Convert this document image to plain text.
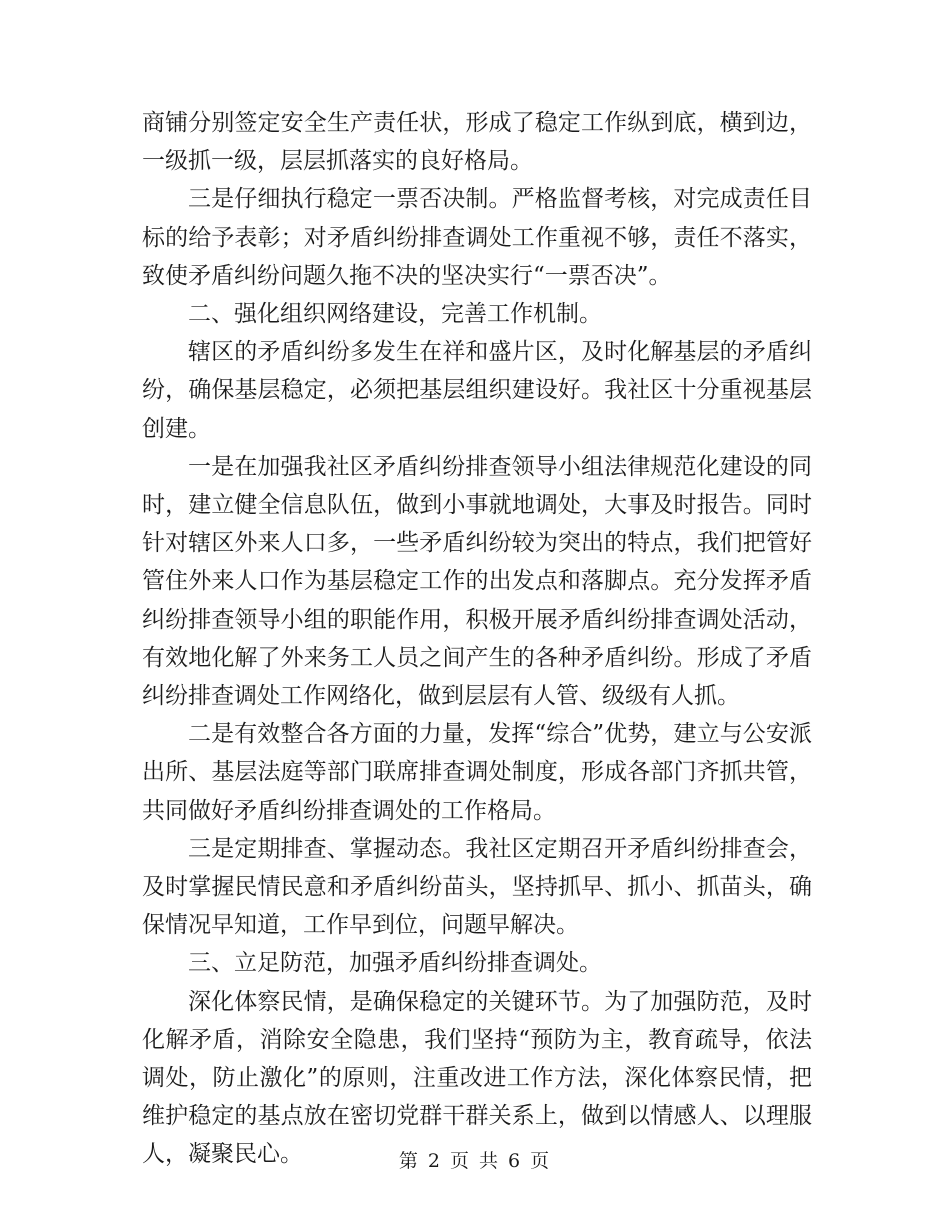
商铺分别签定安全生产责任状，形成了稳定工作纵到底，横到边，一级抓一级，层层抓落实的良好格局。

三是仔细执行稳定一票否决制。严格监督考核，对完成责任目标的给予表彰；对矛盾纠纷排查调处工作重视不够，责任不落实，致使矛盾纠纷问题久拖不决的坚决实行“一票否决”。

二、强化组织网络建设，完善工作机制。

辖区的矛盾纠纷多发生在祥和盛片区，及时化解基层的矛盾纠纷，确保基层稳定，必须把基层组织建设好。我社区十分重视基层创建。

一是在加强我社区矛盾纠纷排查领导小组法律规范化建设的同时，建立健全信息队伍，做到小事就地调处，大事及时报告。同时针对辖区外来人口多，一些矛盾纠纷较为突出的特点，我们把管好管住外来人口作为基层稳定工作的出发点和落脚点。充分发挥矛盾纠纷排查领导小组的职能作用，积极开展矛盾纠纷排查调处活动，有效地化解了外来务工人员之间产生的各种矛盾纠纷。形成了矛盾纠纷排查调处工作网络化，做到层层有人管、级级有人抓。

二是有效整合各方面的力量，发挥“综合”优势，建立与公安派出所、基层法庭等部门联席排查调处制度，形成各部门齐抓共管，共同做好矛盾纠纷排查调处的工作格局。

三是定期排查、掌握动态。我社区定期召开矛盾纠纷排查会，及时掌握民情民意和矛盾纠纷苗头，坚持抓早、抓小、抓苗头，确保情况早知道，工作早到位，问题早解决。

三、立足防范，加强矛盾纠纷排查调处。

深化体察民情，是确保稳定的关键环节。为了加强防范，及时化解矛盾，消除安全隐患，我们坚持“预防为主，教育疏导，依法调处，防止激化”的原则，注重改进工作方法，深化体察民情，把维护稳定的基点放在密切党群干群关系上，做到以情感人、以理服人，凝聚民心。	第 2 页 共 6 页
